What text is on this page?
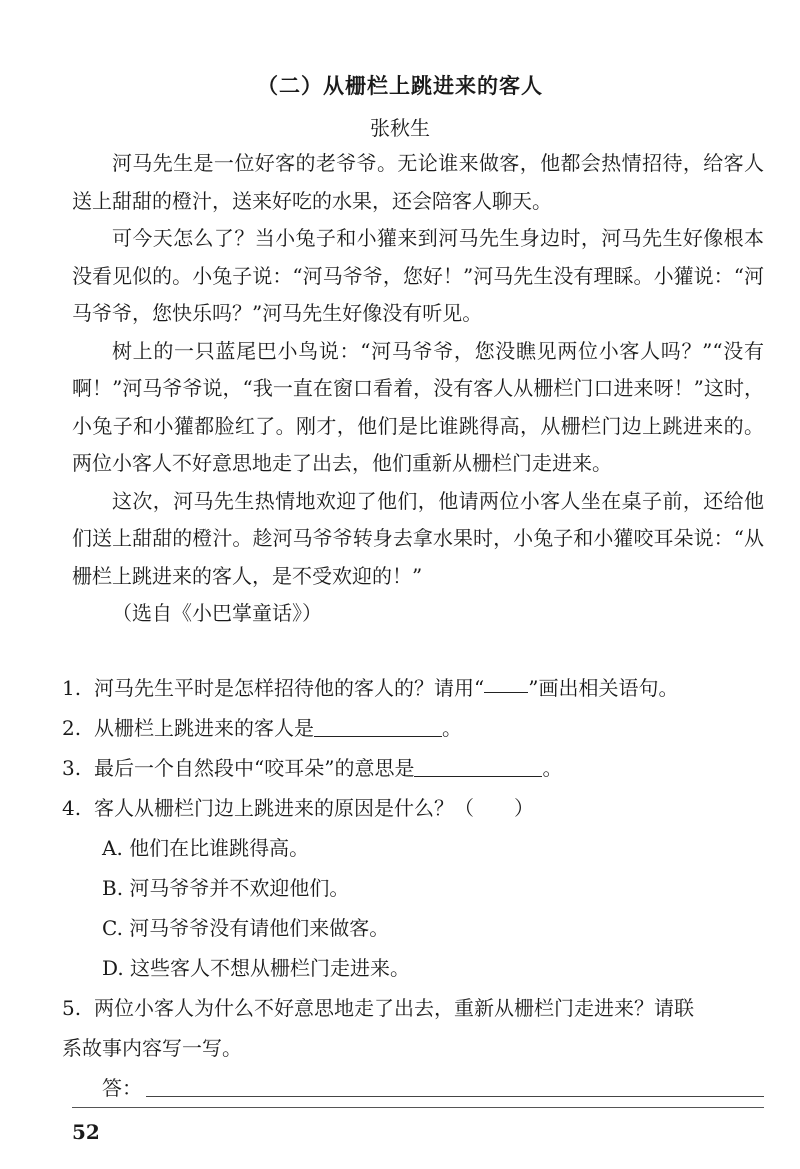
（二）从栅栏上跳进来的客人
张秋生

河马先生是一位好客的老爷爷。无论谁来做客，他都会热情招待，给客人送上甜甜的橙汁，送来好吃的水果，还会陪客人聊天。

可今天怎么了？当小兔子和小獾来到河马先生身边时，河马先生好像根本没看见似的。小兔子说：“河马爷爷，您好！”河马先生没有理睬。小獾说：“河马爷爷，您快乐吗？”河马先生好像没有听见。

树上的一只蓝尾巴小鸟说：“河马爷爷，您没瞧见两位小客人吗？”“没有啊！”河马爷爷说，“我一直在窗口看着，没有客人从栅栏门口进来呀！”这时，小兔子和小獾都脸红了。刚才，他们是比谁跳得高，从栅栏门边上跳进来的。两位小客人不好意思地走了出去，他们重新从栅栏门走进来。

这次，河马先生热情地欢迎了他们，他请两位小客人坐在桌子前，还给他们送上甜甜的橙汁。趁河马爷爷转身去拿水果时，小兔子和小獾咬耳朵说：“从栅栏上跳进来的客人，是不受欢迎的！”

（选自《小巴掌童话》）

1. 河马先生平时是怎样招待他的客人的？请用“ ”画出相关语句。

2. 从栅栏上跳进来的客人是	。

3. 最后一个自然段中“咬耳朵”的意思是	。

4. 客人从栅栏门边上跳进来的原因是什么？（　　）

A. 他们在比谁跳得高。

B. 河马爷爷并不欢迎他们。

C. 河马爷爷没有请他们来做客。

D. 这些客人不想从栅栏门走进来。

5. 两位小客人为什么不好意思地走了出去，重新从栅栏门走进来？请联

系故事内容写一写。

答：
52
